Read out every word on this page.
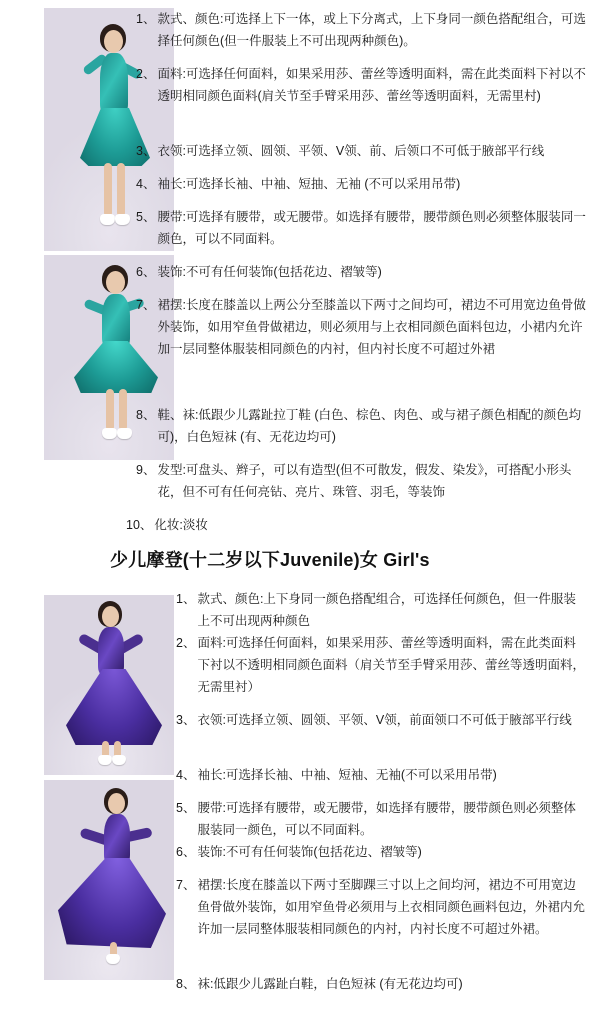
1、 款式、颜色:可选择上下一体，或上下分离式，上下身同一颜色搭配组合，可选择任何颜色(但一件服装上不可出现两种颜色)。
2、 面料:可选择任何面料，如果采用莎、蕾丝等透明面料，需在此类面料下衬以不透明相同颜色面料(肩关节至手臂采用莎、蕾丝等透明面料，无需里村)
3、 衣领:可选择立领、圆领、平领、V领、前、后领口不可低于腋部平行线
4、 袖长:可选择长袖、中袖、短抽、无袖 (不可以采用吊带)
5、 腰带:可选择有腰带，或无腰带。如选择有腰带，腰带颜色则必须整体服装同一颜色，可以不同面料。
6、 装饰:不可有任何装饰(包括花边、褶皱等)
7、 裙摆:长度在膝盖以上两公分至膝盖以下两寸之间均可，裙边不可用宽边鱼骨做外装饰，如用窄鱼骨做裙边，则必须用与上衣相同颜色面料包边，小裙内允许加一层同整体服装相同颜色的内衬，但内衬长度不可超过外裙
8、 鞋、袜:低跟少儿露趾拉丁鞋 (白色、棕色、肉色、或与裙子颜色相配的颜色均可)，白色短袜 (有、无花边均可)
9、 发型:可盘头、辫子，可以有造型(但不可散发，假发、染发》，可搭配小形头花，但不可有任何亮钻、亮片、珠管、羽毛，等装饰
10、 化妆:淡妆
少儿摩登(十二岁以下Juvenile)女 Girl's
1、 款式、颜色:上下身同一颜色搭配组合，可选择任何颜色，但一件服装上不可出现两种颜色
2、 面料:可选择任何面料，如果采用莎、蕾丝等透明面料，需在此类面料下衬以不透明相同颜色面料（肩关节至手臂采用莎、蕾丝等透明面料，无需里衬）
3、 衣领:可选择立领、圆领、平领、V领，前面领口不可低于腋部平行线
4、 袖长:可选择长袖、中袖、短袖、无袖(不可以采用吊带)
5、 腰带:可选择有腰带，或无腰带，如选择有腰带，腰带颜色则必须整体服装同一颜色，可以不同面料。
6、 装饰:不可有任何装饰(包括花边、褶皱等)
7、 裙摆:长度在膝盖以下两寸至脚踝三寸以上之间均河，裙边不可用宽边鱼骨做外装饰，如用窄鱼骨必须用与上衣相同颜色画料包边，外裙内允许加一层同整体服装相同颜色的内衬，内衬长度不可超过外裙。
8、 袜:低跟少儿露趾白鞋，白色短袜 (有无花边均可)
